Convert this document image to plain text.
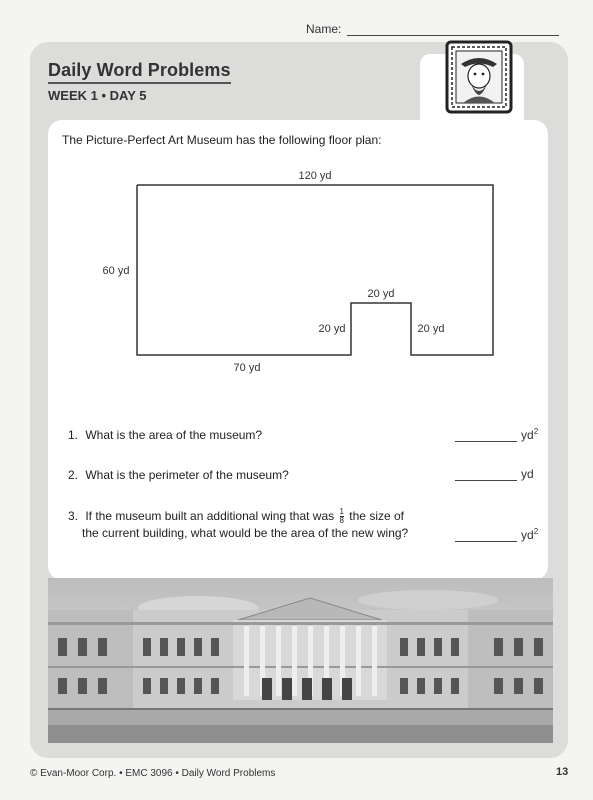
Name:
Daily Word Problems
WEEK 1 • DAY 5
The Picture-Perfect Art Museum has the following floor plan:
120 yd
60 yd
70 yd
20 yd
20 yd	20 yd
1. What is the area of the museum?	$yd^2$
2. What is the perimeter of the museum?	yd
3. If the museum built an additional wing that was $\frac{1}{8}$ the size of
the current building, what would be the area of the new wing?	$yd^2$
© Evan-Moor Corp. • EMC 3096 • Daily Word Problems	13
